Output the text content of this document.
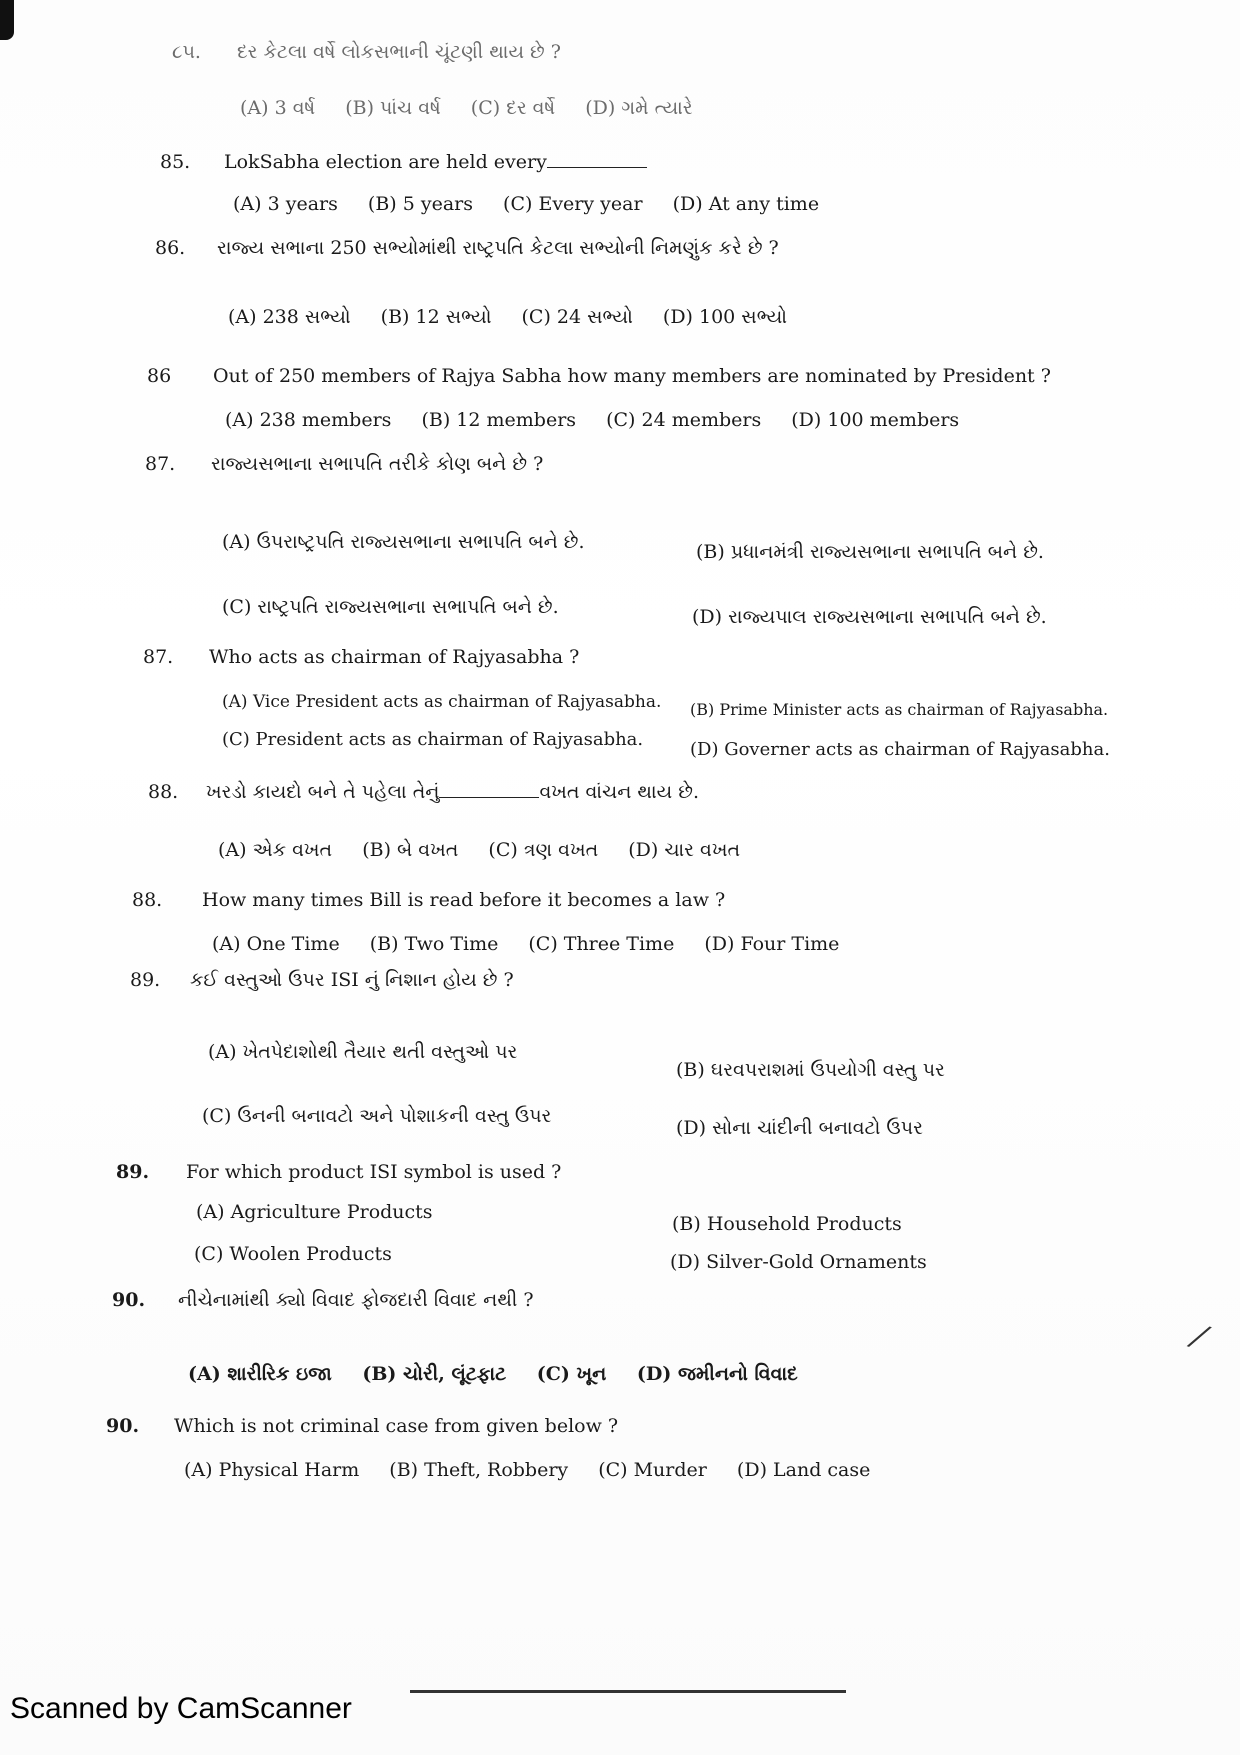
૮૫. દર કેટલા વર્ષે લોકસભાની ચૂંટણી થાય છે ?
(A) 3 વર્ષ (B) પાંચ વર્ષ (C) દર વર્ષે (D) ગમે ત્યારે
85. LokSabha election are held every
(A) 3 years (B) 5 years (C) Every year (D) At any time
86. રાજ્ય સભાના 250 સભ્યોમાંથી રાષ્ટ્રપતિ કેટલા સભ્યોની નિમણુંક કરે છે ?
(A) 238 સભ્યો (B) 12 સભ્યો (C) 24 સભ્યો (D) 100 સભ્યો
86 Out of 250 members of Rajya Sabha how many members are nominated by President ?
(A) 238 members (B) 12 members (C) 24 members (D) 100 members
87. રાજ્યસભાના સભાપતિ તરીકે કોણ બને છે ?
(A) ઉપરાષ્ટ્રપતિ રાજ્યસભાના સભાપતિ બને છે.	(B) પ્રધાનમંત્રી રાજ્યસભાના સભાપતિ બને છે.
(C) રાષ્ટ્રપતિ રાજ્યસભાના સભાપતિ બને છે.	(D) રાજ્યપાલ રાજ્યસભાના સભાપતિ બને છે.
87. Who acts as chairman of Rajyasabha ?
(A) Vice President acts as chairman of Rajyasabha. (B) Prime Minister acts as chairman of Rajyasabha.
(C) President acts as chairman of Rajyasabha.	(D) Governer acts as chairman of Rajyasabha.
88. ખરડો કાયદો બને તે પહેલા તેનું	વખત વાંચન થાય છે.
(A) એક વખત (B) બે વખત (C) ત્રણ વખત (D) ચાર વખત
88. How many times Bill is read before it becomes a law ?
(A) One Time (B) Two Time (C) Three Time (D) Four Time
89. કઈ વસ્તુઓ ઉપર ISI નું નિશાન હોય છે ?
(A) ખેતપેદાશોથી તૈયાર થતી વસ્તુઓ પર
(B) ઘરવપરાશમાં ઉપયોગી વસ્તુ પર
(C) ઉનની બનાવટો અને પોશાકની વસ્તુ ઉપર
(D) સોના ચાંદીની બનાવટો ઉપર
89. For which product ISI symbol is used ?
(A) Agriculture Products
(B) Household Products
(C) Woolen Products	(D) Silver-Gold Ornaments
90. નીચેનામાંથી ક્યો વિવાદ ફોજદારી વિવાદ નથી ?
(A) શારીરિક ઇજા (B) ચોરી, લૂંટફાટ (C) ખૂન (D) જમીનનો વિવાદ
90. Which is not criminal case from given below ?
(A) Physical Harm (B) Theft, Robbery (C) Murder (D) Land case
⁄
Scanned by CamScanner
